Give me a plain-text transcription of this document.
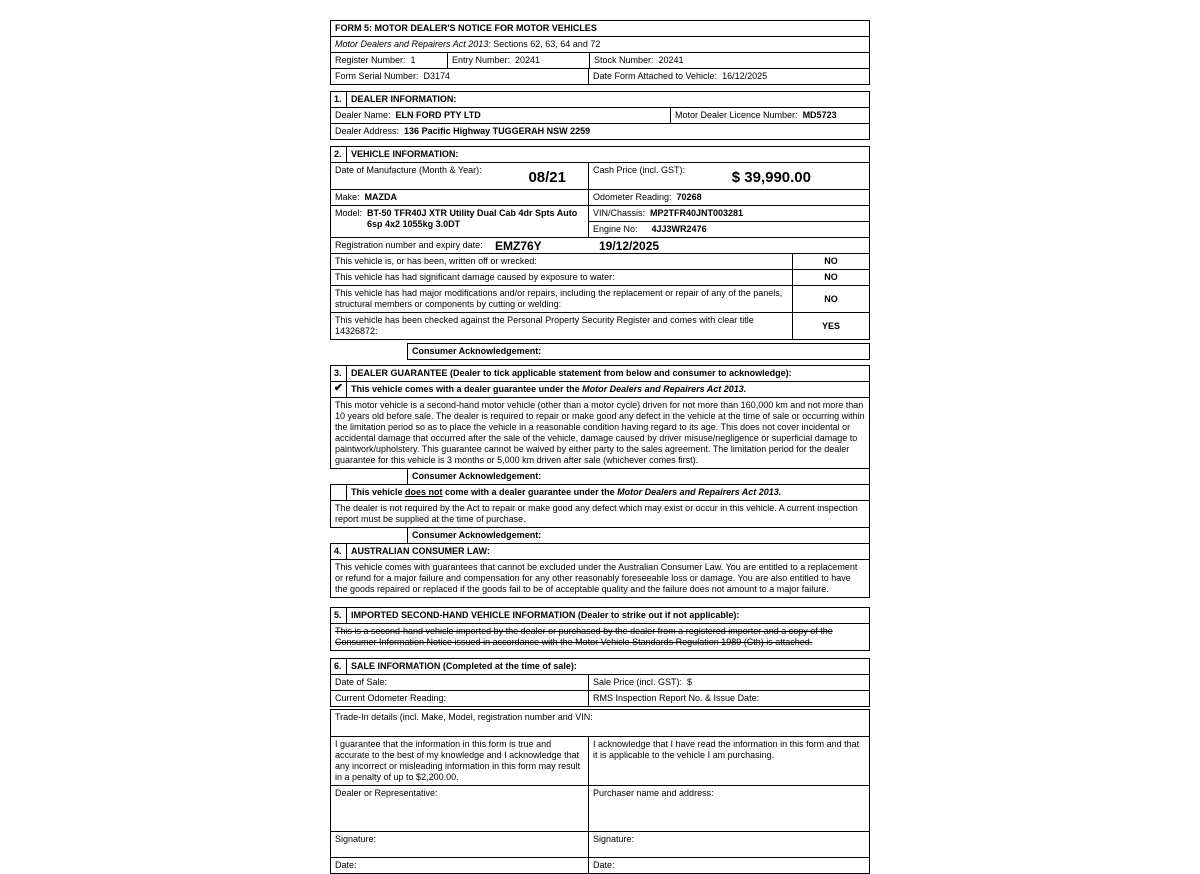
FORM 5: MOTOR DEALER'S NOTICE FOR MOTOR VEHICLES
Motor Dealers and Repairers Act 2013: Sections 62, 63, 64 and 72
Register Number: 1	Entry Number: 20241	Stock Number: 20241
Form Serial Number: D3174	Date Form Attached to Vehicle: 16/12/2025
1.	DEALER INFORMATION:
Dealer Name: ELN FORD PTY LTD	Motor Dealer Licence Number: MD5723
Dealer Address: 136 Pacific Highway TUGGERAH NSW 2259
2.	VEHICLE INFORMATION:
Date of Manufacture (Month & Year):	08/21	Cash Price (incl. GST):	$ 39,990.00
Make: MAZDA	Odometer Reading: 70268
Model: BT-50 TFR40J XTR Utility Dual Cab 4dr Spts Auto 6sp 4x2 1055kg 3.0DT
VIN/Chassis: MP2TFR40JNT003281
Engine No: 4JJ3WR2476
Registration number and expiry date: EMZ76Y	19/12/2025
This vehicle is, or has been, written off or wrecked:	NO
This vehicle has had significant damage caused by exposure to water:	NO
This vehicle has had major modifications and/or repairs, including the replacement or repair of any of the panels, structural members or components by cutting or welding:
NO
This vehicle has been checked against the Personal Property Security Register and comes with clear title 14326872:
YES
Consumer Acknowledgement:
3.	DEALER GUARANTEE (Dealer to tick applicable statement from below and consumer to acknowledge):
✔ This vehicle comes with a dealer guarantee under the Motor Dealers and Repairers Act 2013.
This motor vehicle is a second-hand motor vehicle (other than a motor cycle) driven for not more than 160,000 km and not more than 10 years old before sale. The dealer is required to repair or make good any defect in the vehicle at the time of sale or occurring within the limitation period so as to place the vehicle in a reasonable condition having regard to its age. This does not cover incidental or accidental damage that occurred after the sale of the vehicle, damage caused by driver misuse/negligence or superficial damage to paintwork/upholstery. This guarantee cannot be waived by either party to the sales agreement. The limitation period for the dealer guarantee for this vehicle is 3 months or 5,000 km driven after sale (whichever comes first).
Consumer Acknowledgement:
This vehicle does not come with a dealer guarantee under the Motor Dealers and Repairers Act 2013.
The dealer is not required by the Act to repair or make good any defect which may exist or occur in this vehicle. A current inspection report must be supplied at the time of purchase.
Consumer Acknowledgement:
4.	AUSTRALIAN CONSUMER LAW:
This vehicle comes with guarantees that cannot be excluded under the Australian Consumer Law. You are entitled to a replacement or refund for a major failure and compensation for any other reasonably foreseeable loss or damage. You are also entitled to have the goods repaired or replaced if the goods fail to be of acceptable quality and the failure does not amount to a major failure.
5.	IMPORTED SECOND-HAND VEHICLE INFORMATION (Dealer to strike out if not applicable):
This is a second-hand vehicle imported by the dealer or purchased by the dealer from a registered importer and a copy of the Consumer Information Notice issued in accordance with the Motor Vehicle Standards Regulation 1989 (Cth) is attached.
6.	SALE INFORMATION (Completed at the time of sale):
Date of Sale:	Sale Price (incl. GST): $
Current Odometer Reading:	RMS Inspection Report No. & Issue Date:
Trade-In details (incl. Make, Model, registration number and VIN:
I guarantee that the information in this form is true and accurate to the best of my knowledge and I acknowledge that any incorrect or misleading information in this form may result in a penalty of up to $2,200.00.
I acknowledge that I have read the information in this form and that it is applicable to the vehicle I am purchasing.
Dealer or Representative:	Purchaser name and address:
Signature:	Signature:
Date:	Date:
